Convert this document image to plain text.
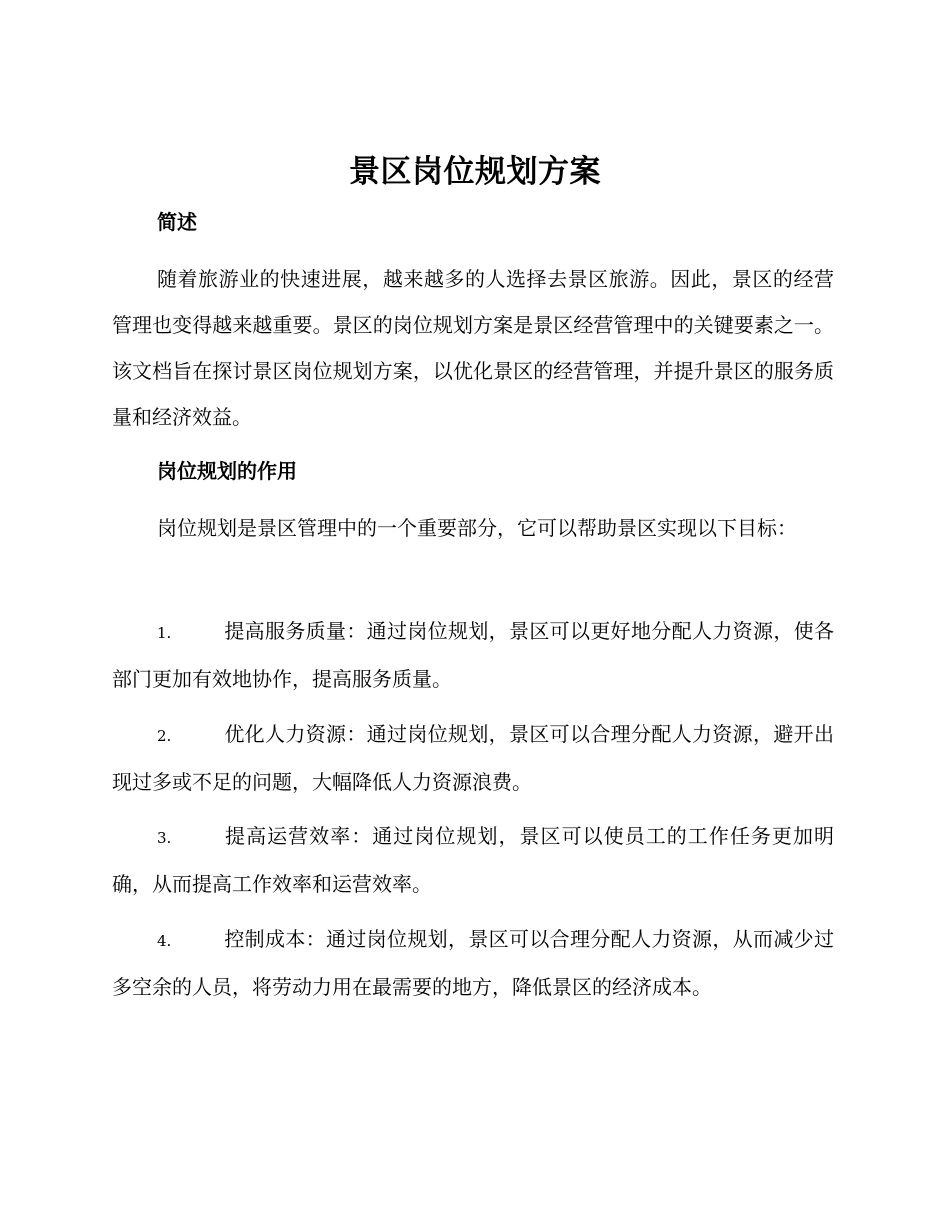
景区岗位规划方案
简述

随着旅游业的快速进展，越来越多的人选择去景区旅游。因此，景区的经营管理也变得越来越重要。景区的岗位规划方案是景区经营管理中的关键要素之一。该文档旨在探讨景区岗位规划方案，以优化景区的经营管理，并提升景区的服务质量和经济效益。

岗位规划的作用

岗位规划是景区管理中的一个重要部分，它可以帮助景区实现以下目标：

1.	提高服务质量：通过岗位规划，景区可以更好地分配人力资源，使各部门更加有效地协作，提高服务质量。

2.	优化人力资源：通过岗位规划，景区可以合理分配人力资源，避开出现过多或不足的问题，大幅降低人力资源浪费。

3.	提高运营效率：通过岗位规划，景区可以使员工的工作任务更加明确，从而提高工作效率和运营效率。

4.	控制成本：通过岗位规划，景区可以合理分配人力资源，从而减少过多空余的人员，将劳动力用在最需要的地方，降低景区的经济成本。
